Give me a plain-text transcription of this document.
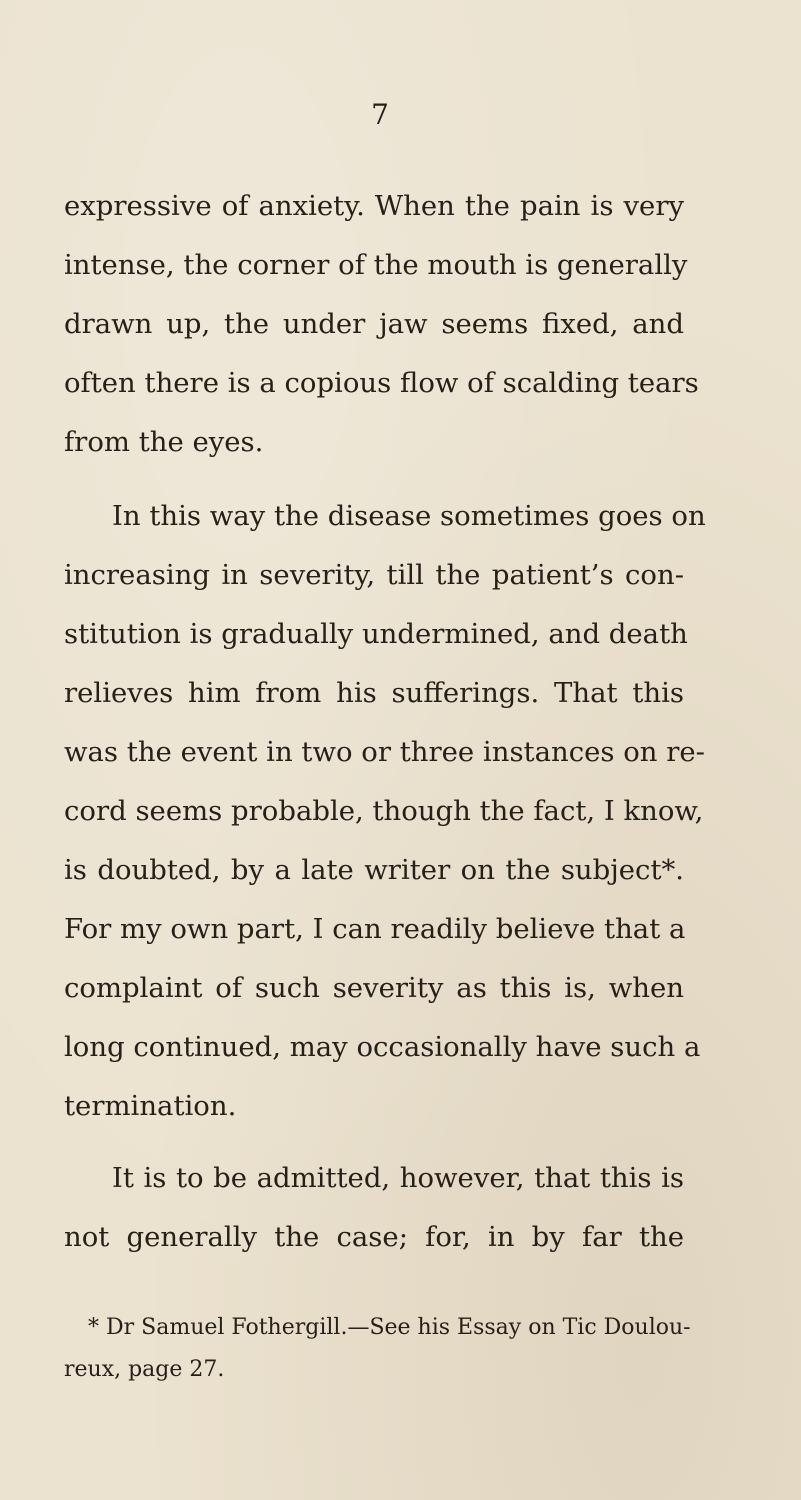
7
expressive of anxiety. When the pain is very
intense, the corner of the mouth is generally
drawn up, the under jaw seems fixed, and
often there is a copious flow of scalding tears
from the eyes.
In this way the disease sometimes goes on
increasing in severity, till the patient’s con-
stitution is gradually undermined, and death
relieves him from his sufferings. That this
was the event in two or three instances on re-
cord seems probable, though the fact, I know,
is doubted, by a late writer on the subject*.
For my own part, I can readily believe that a
complaint of such severity as this is, when
long continued, may occasionally have such a
termination.
It is to be admitted, however, that this is
not generally the case; for, in by far the
* Dr Samuel Fothergill.—See his Essay on Tic Doulou-
reux, page 27.
